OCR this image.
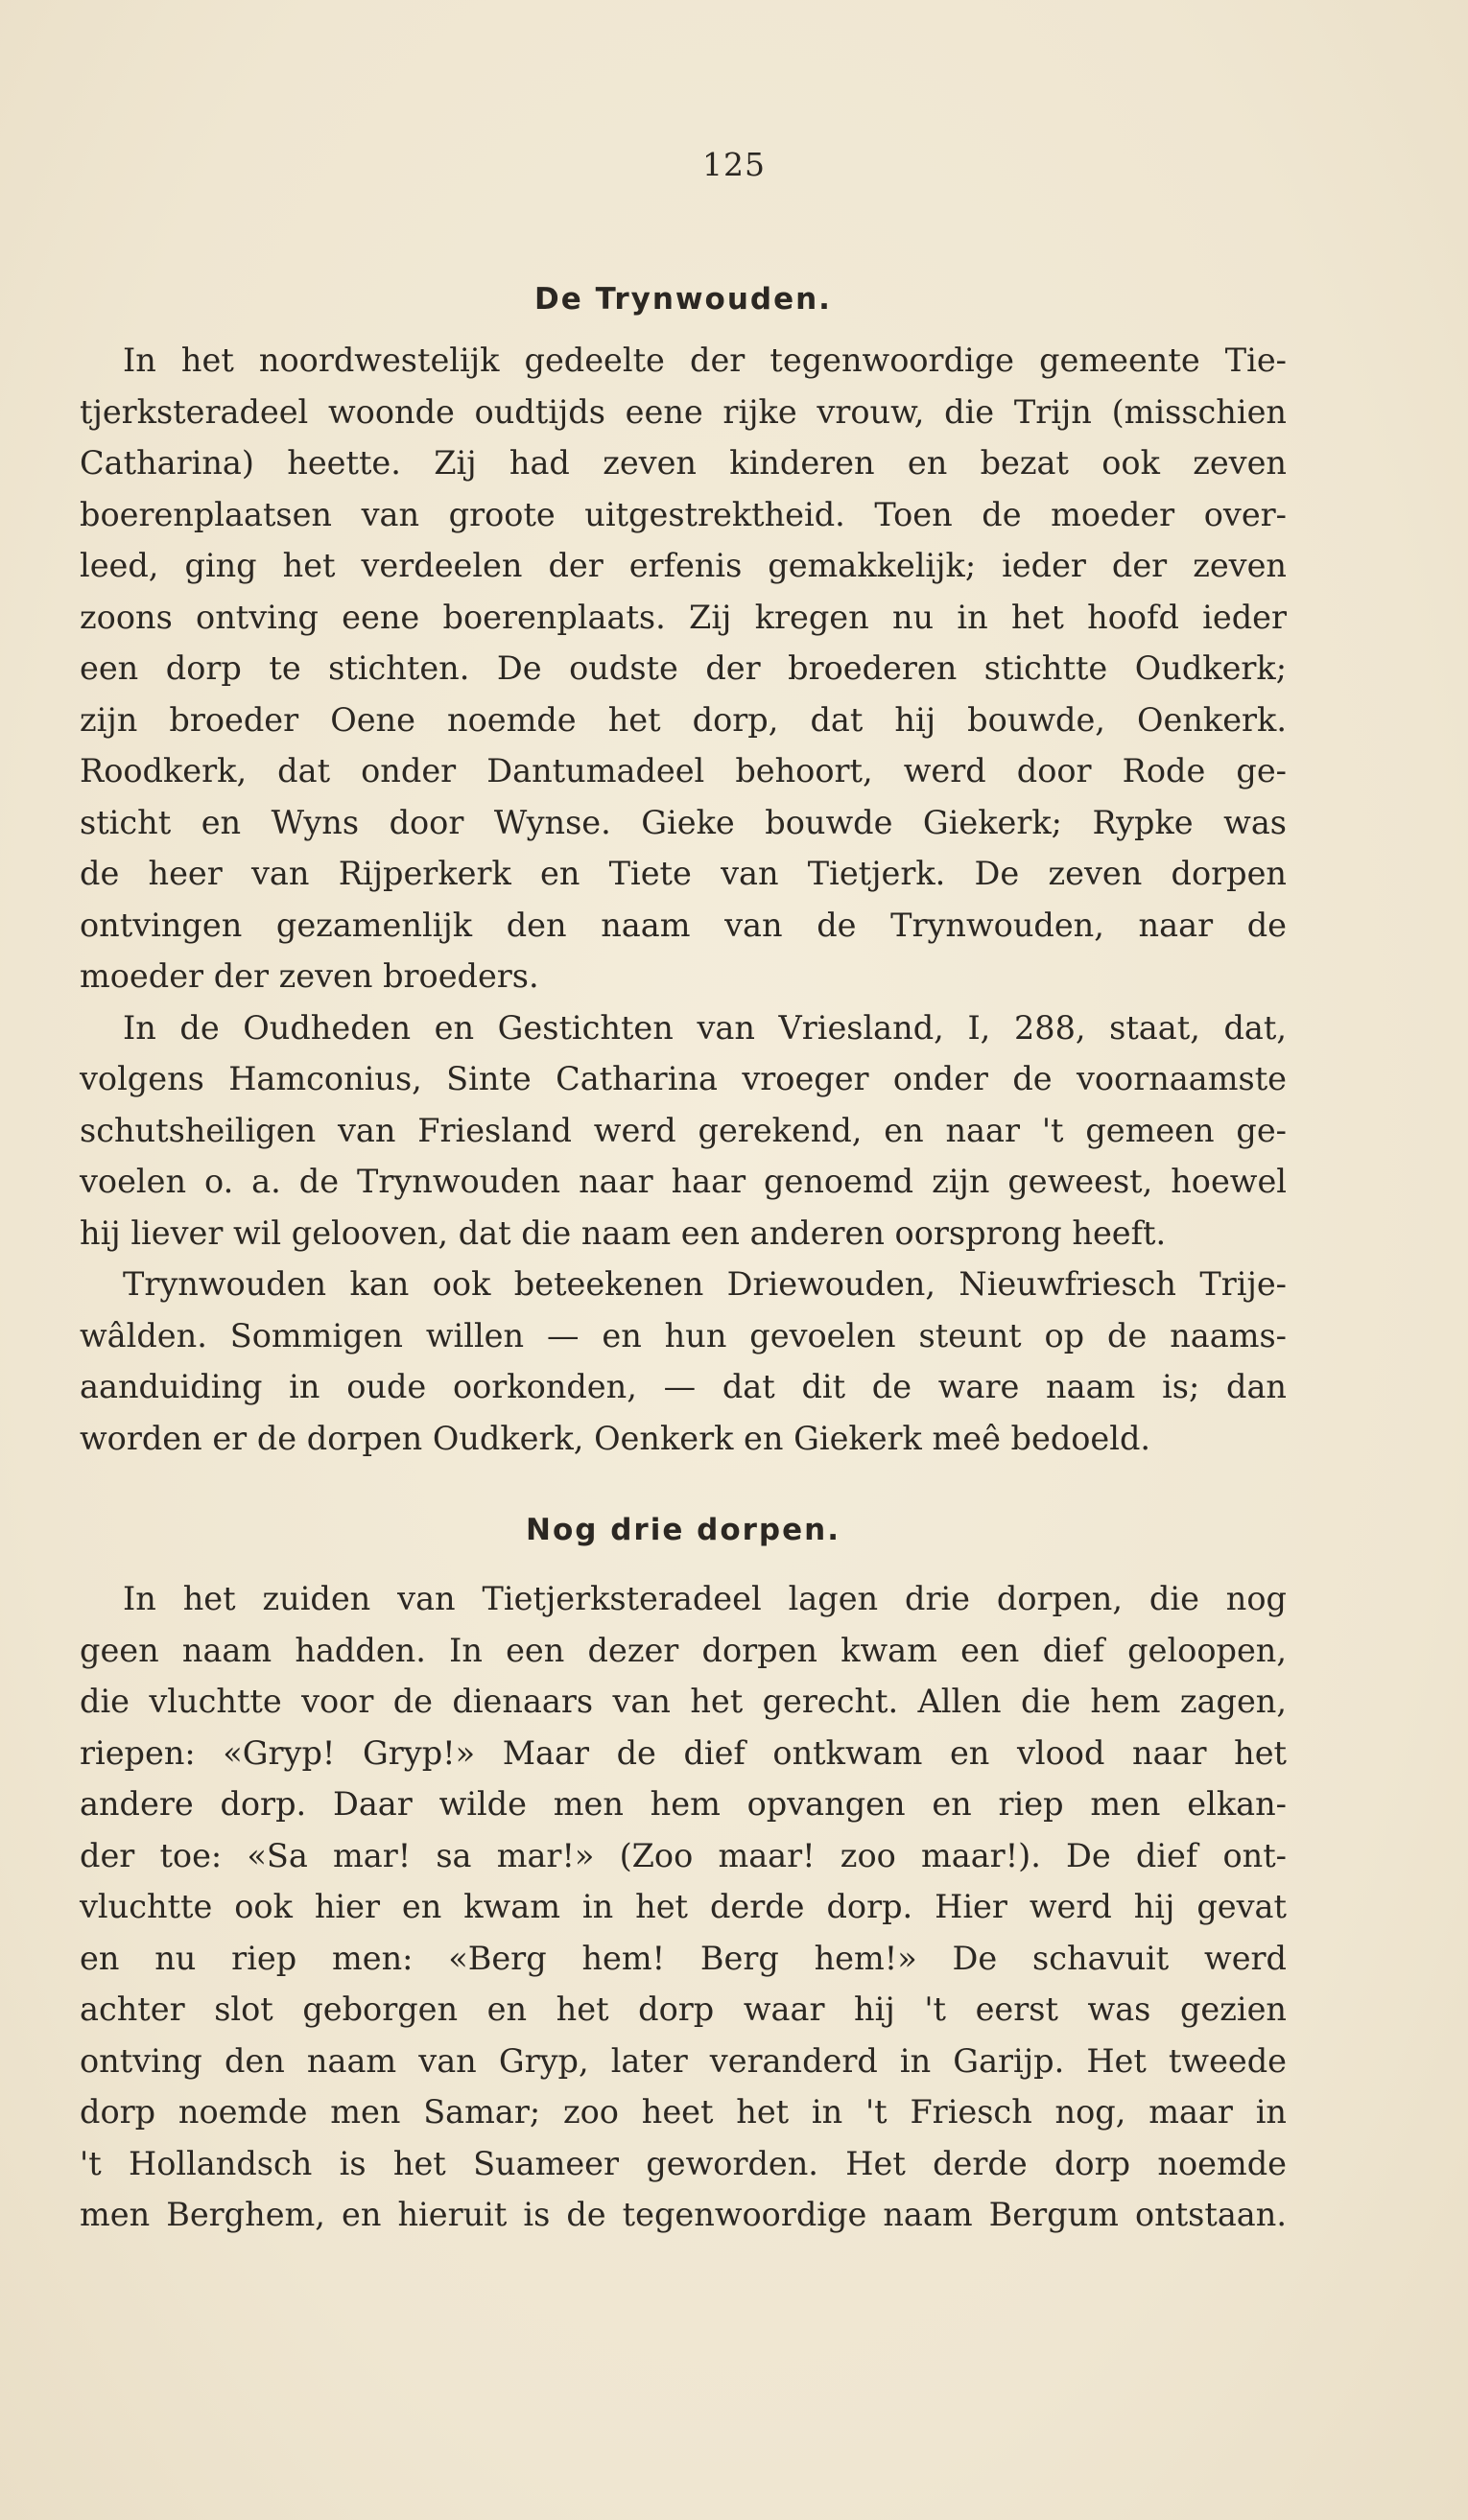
125
De Trynwouden.

In het noordwestelijk gedeelte der tegenwoordige gemeente Tie-
tjerksteradeel woonde oudtijds eene rijke vrouw, die Trijn (misschien
Catharina) heette. Zij had zeven kinderen en bezat ook zeven
boerenplaatsen van groote uitgestrektheid. Toen de moeder over-
leed, ging het verdeelen der erfenis gemakkelijk; ieder der zeven
zoons ontving eene boerenplaats. Zij kregen nu in het hoofd ieder
een dorp te stichten. De oudste der broederen stichtte Oudkerk;
zijn broeder Oene noemde het dorp, dat hij bouwde, Oenkerk.
Roodkerk, dat onder Dantumadeel behoort, werd door Rode ge-
sticht en Wyns door Wynse. Gieke bouwde Giekerk; Rypke was
de heer van Rijperkerk en Tiete van Tietjerk. De zeven dorpen
ontvingen gezamenlijk den naam van de Trynwouden, naar de
moeder der zeven broeders.

In de Oudheden en Gestichten van Vriesland, I, 288, staat, dat,
volgens Hamconius, Sinte Catharina vroeger onder de voornaamste
schutsheiligen van Friesland werd gerekend, en naar 't gemeen ge-
voelen o. a. de Trynwouden naar haar genoemd zijn geweest, hoewel
hij liever wil gelooven, dat die naam een anderen oorsprong heeft.

Trynwouden kan ook beteekenen Driewouden, Nieuwfriesch Trije-
wâlden. Sommigen willen — en hun gevoelen steunt op de naams-
aanduiding in oude oorkonden, — dat dit de ware naam is; dan
worden er de dorpen Oudkerk, Oenkerk en Giekerk meê bedoeld.

Nog drie dorpen.

In het zuiden van Tietjerksteradeel lagen drie dorpen, die nog
geen naam hadden. In een dezer dorpen kwam een dief geloopen,
die vluchtte voor de dienaars van het gerecht. Allen die hem zagen,
riepen: «Gryp! Gryp!» Maar de dief ontkwam en vlood naar het
andere dorp. Daar wilde men hem opvangen en riep men elkan-
der toe: «Sa mar! sa mar!» (Zoo maar! zoo maar!). De dief ont-
vluchtte ook hier en kwam in het derde dorp. Hier werd hij gevat
en nu riep men: «Berg hem! Berg hem!» De schavuit werd
achter slot geborgen en het dorp waar hij 't eerst was gezien
ontving den naam van Gryp, later veranderd in Garijp. Het tweede
dorp noemde men Samar; zoo heet het in 't Friesch nog, maar in
't Hollandsch is het Suameer geworden. Het derde dorp noemde
men Berghem, en hieruit is de tegenwoordige naam Bergum ontstaan.
